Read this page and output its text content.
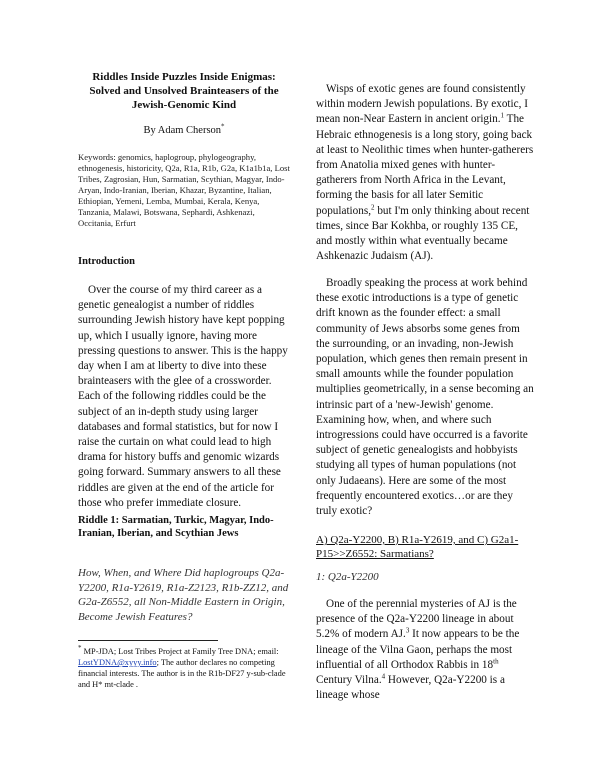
Riddles Inside Puzzles Inside Enigmas: Solved and Unsolved Brainteasers of the Jewish-Genomic Kind
By Adam Cherson*
Keywords: genomics, haplogroup, phylogeography, ethnogenesis, historicity, Q2a, R1a, R1b, G2a, K1a1b1a, Lost Tribes, Zagrosian, Hun, Sarmatian, Scythian, Magyar, Indo-Aryan, Indo-Iranian, Iberian, Khazar, Byzantine, Italian, Ethiopian, Yemeni, Lemba, Mumbai, Kerala, Kenya, Tanzania, Malawi, Botswana, Sephardi, Ashkenazi, Occitania, Erfurt
Introduction

Over the course of my third career as a genetic genealogist a number of riddles surrounding Jewish history have kept popping up, which I usually ignore, having more pressing questions to answer. This is the happy day when I am at liberty to dive into these brainteasers with the glee of a crossworder. Each of the following riddles could be the subject of an in-depth study using larger databases and formal statistics, but for now I raise the curtain on what could lead to high drama for history buffs and genomic wizards going forward. Summary answers to all these riddles are given at the end of the article for those who prefer immediate closure.

Riddle 1: Sarmatian, Turkic, Magyar, Indo-Iranian, Iberian, and Scythian Jews
How, When, and Where Did haplogroups Q2a-Y2200, R1a-Y2619, R1a-Z2123, R1b-ZZ12, and G2a-Z6552, all Non-Middle Eastern in Origin, Become Jewish Features?
* MP-JDA; Lost Tribes Project at Family Tree DNA; email: LostYDNA@xyyy.info; The author declares no competing financial interests. The author is in the R1b-DF27 y-sub-clade and H* mt-clade .

Wisps of exotic genes are found consistently within modern Jewish populations. By exotic, I mean non-Near Eastern in ancient origin.$^1$ The Hebraic ethnogenesis is a long story, going back at least to Neolithic times when hunter-gatherers from Anatolia mixed genes with hunter-gatherers from North Africa in the Levant, forming the basis for all later Semitic populations,$^2$ but I'm only thinking about recent times, since Bar Kokhba, or roughly 135 CE, and mostly within what eventually became Ashkenazic Judaism (AJ).

Broadly speaking the process at work behind these exotic introductions is a type of genetic drift known as the founder effect: a small community of Jews absorbs some genes from the surrounding, or an invading, non-Jewish population, which genes then remain present in small amounts while the founder population multiplies geometrically, in a sense becoming an intrinsic part of a 'new-Jewish' genome. Examining how, when, and where such introgressions could have occurred is a favorite subject of genetic genealogists and hobbyists studying all types of human populations (not only Judaeans). Here are some of the most frequently encountered exotics…or are they truly exotic?

A) Q2a-Y2200, B) R1a-Y2619, and C) G2a1-P15>>Z6552: Sarmatians?
1: Q2a-Y2200

One of the perennial mysteries of AJ is the presence of the Q2a-Y2200 lineage in about 5.2% of modern AJ.$^3$ It now appears to be the lineage of the Vilna Gaon, perhaps the most influential of all Orthodox Rabbis in 18th Century Vilna.$^4$ However, Q2a-Y2200 is a lineage whose
